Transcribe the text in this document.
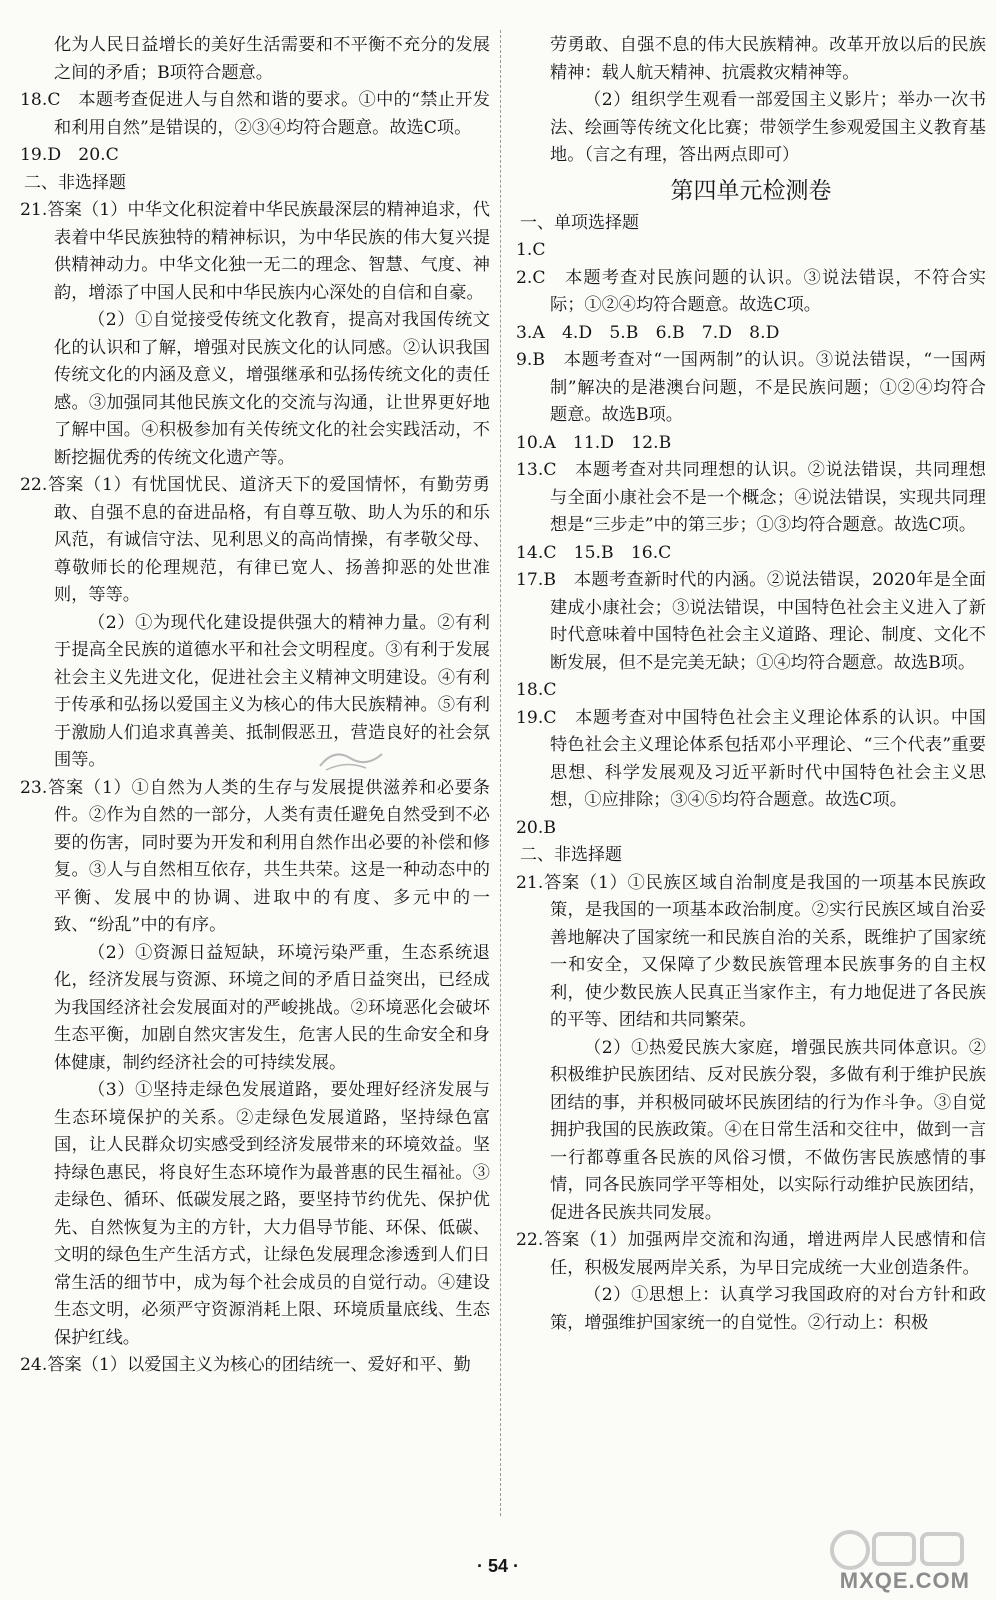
化为人民日益增长的美好生活需要和不平衡不充分的发展之间的矛盾；B项符合题意。

18.C　本题考查促进人与自然和谐的要求。①中的“禁止开发和利用自然”是错误的，②③④均符合题意。故选C项。

19.D　20.C

二、非选择题

21.答案（1）中华文化积淀着中华民族最深层的精神追求，代表着中华民族独特的精神标识，为中华民族的伟大复兴提供精神动力。中华文化独一无二的理念、智慧、气度、神韵，增添了中国人民和中华民族内心深处的自信和自豪。

（2）①自觉接受传统文化教育，提高对我国传统文化的认识和了解，增强对民族文化的认同感。②认识我国传统文化的内涵及意义，增强继承和弘扬传统文化的责任感。③加强同其他民族文化的交流与沟通，让世界更好地了解中国。④积极参加有关传统文化的社会实践活动，不断挖掘优秀的传统文化遗产等。

22.答案（1）有忧国忧民、道济天下的爱国情怀，有勤劳勇敢、自强不息的奋进品格，有自尊互敬、助人为乐的和乐风范，有诚信守法、见利思义的高尚情操，有孝敬父母、尊敬师长的伦理规范，有律已宽人、扬善抑恶的处世准则，等等。

（2）①为现代化建设提供强大的精神力量。②有利于提高全民族的道德水平和社会文明程度。③有利于发展社会主义先进文化，促进社会主义精神文明建设。④有利于传承和弘扬以爱国主义为核心的伟大民族精神。⑤有利于激励人们追求真善美、抵制假恶丑，营造良好的社会氛围等。

23.答案（1）①自然为人类的生存与发展提供滋养和必要条件。②作为自然的一部分，人类有责任避免自然受到不必要的伤害，同时要为开发和利用自然作出必要的补偿和修复。③人与自然相互依存，共生共荣。这是一种动态中的平衡、发展中的协调、进取中的有度、多元中的一致、“纷乱”中的有序。

（2）①资源日益短缺，环境污染严重，生态系统退化，经济发展与资源、环境之间的矛盾日益突出，已经成为我国经济社会发展面对的严峻挑战。②环境恶化会破坏生态平衡，加剧自然灾害发生，危害人民的生命安全和身体健康，制约经济社会的可持续发展。

（3）①坚持走绿色发展道路，要处理好经济发展与生态环境保护的关系。②走绿色发展道路，坚持绿色富国，让人民群众切实感受到经济发展带来的环境效益。坚持绿色惠民，将良好生态环境作为最普惠的民生福祉。③走绿色、循环、低碳发展之路，要坚持节约优先、保护优先、自然恢复为主的方针，大力倡导节能、环保、低碳、文明的绿色生产生活方式，让绿色发展理念渗透到人们日常生活的细节中，成为每个社会成员的自觉行动。④建设生态文明，必须严守资源消耗上限、环境质量底线、生态保护红线。

24.答案（1）以爱国主义为核心的团结统一、爱好和平、勤

劳勇敢、自强不息的伟大民族精神。改革开放以后的民族精神：载人航天精神、抗震救灾精神等。

（2）组织学生观看一部爱国主义影片；举办一次书法、绘画等传统文化比赛；带领学生参观爱国主义教育基地。（言之有理，答出两点即可）

第四单元检测卷

一、单项选择题

1.C

2.C　本题考查对民族问题的认识。③说法错误，不符合实际；①②④均符合题意。故选C项。

3.A　4.D　5.B　6.B　7.D　8.D

9.B　本题考查对“一国两制”的认识。③说法错误，“一国两制”解决的是港澳台问题，不是民族问题；①②④均符合题意。故选B项。

10.A　11.D　12.B

13.C　本题考查对共同理想的认识。②说法错误，共同理想与全面小康社会不是一个概念；④说法错误，实现共同理想是“三步走”中的第三步；①③均符合题意。故选C项。

14.C　15.B　16.C

17.B　本题考查新时代的内涵。②说法错误，2020年是全面建成小康社会；③说法错误，中国特色社会主义进入了新时代意味着中国特色社会主义道路、理论、制度、文化不断发展，但不是完美无缺；①④均符合题意。故选B项。

18.C

19.C　本题考查对中国特色社会主义理论体系的认识。中国特色社会主义理论体系包括邓小平理论、“三个代表”重要思想、科学发展观及习近平新时代中国特色社会主义思想，①应排除；③④⑤均符合题意。故选C项。

20.B

二、非选择题

21.答案（1）①民族区域自治制度是我国的一项基本民族政策，是我国的一项基本政治制度。②实行民族区域自治妥善地解决了国家统一和民族自治的关系，既维护了国家统一和安全，又保障了少数民族管理本民族事务的自主权利，使少数民族人民真正当家作主，有力地促进了各民族的平等、团结和共同繁荣。

（2）①热爱民族大家庭，增强民族共同体意识。②积极维护民族团结、反对民族分裂，多做有利于维护民族团结的事，并积极同破坏民族团结的行为作斗争。③自觉拥护我国的民族政策。④在日常生活和交往中，做到一言一行都尊重各民族的风俗习惯，不做伤害民族感情的事情，同各民族同学平等相处，以实际行动维护民族团结，促进各民族共同发展。

22.答案（1）加强两岸交流和沟通，增进两岸人民感情和信任，积极发展两岸关系，为早日完成统一大业创造条件。

（2）①思想上：认真学习我国政府的对台方针和政策，增强维护国家统一的自觉性。②行动上：积极

· 54 ·
MXQE.COM
